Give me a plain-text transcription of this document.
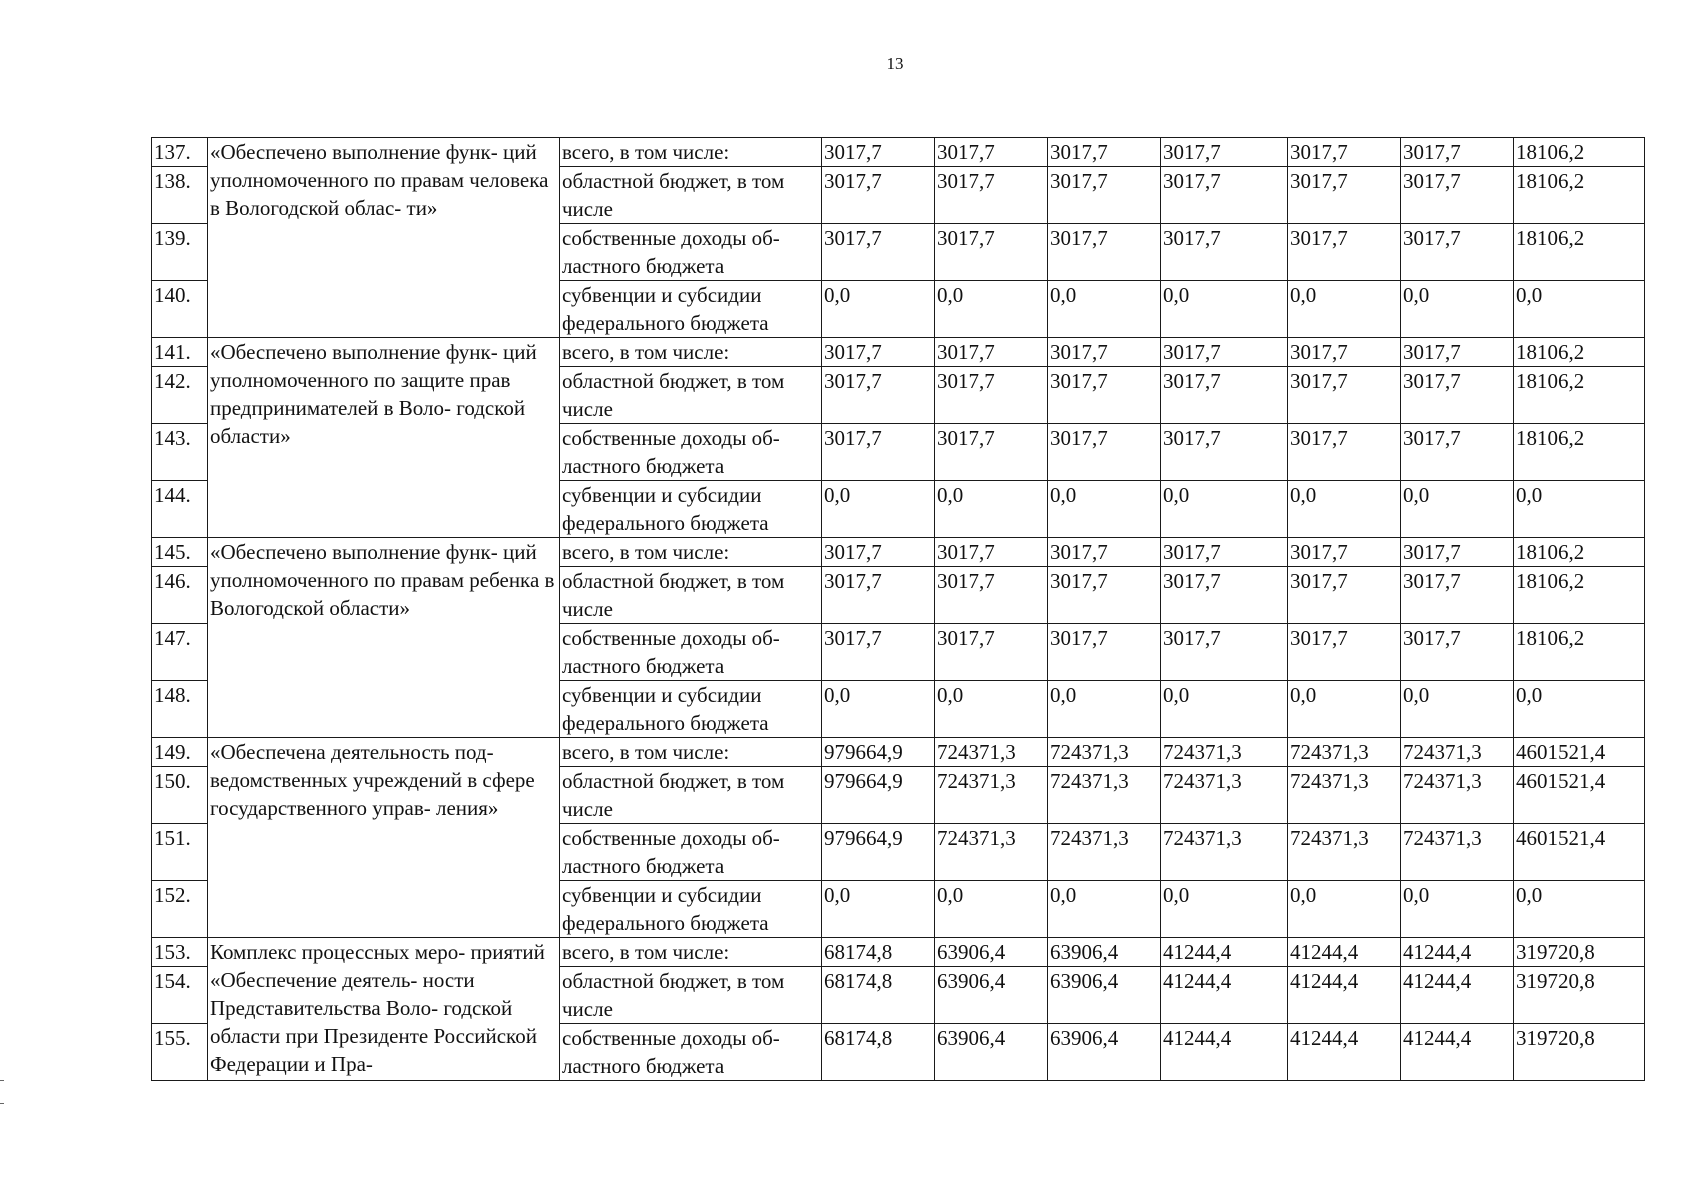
13
137.	«Обеспечено выполнение функ- ций уполномоченного по правам человека в Вологодской облас- ти»	всего, в том числе:	3017,7	3017,7	3017,7	3017,7	3017,7	3017,7	18106,2
138.		областной бюджет, в том числе	3017,7	3017,7	3017,7	3017,7	3017,7	3017,7	18106,2
139.		собственные доходы об- ластного бюджета	3017,7	3017,7	3017,7	3017,7	3017,7	3017,7	18106,2
140.		субвенции и субсидии федерального бюджета	0,0	0,0	0,0	0,0	0,0	0,0	0,0
141.	«Обеспечено выполнение функ- ций уполномоченного по защите прав предпринимателей в Воло- годской области»	всего, в том числе:	3017,7	3017,7	3017,7	3017,7	3017,7	3017,7	18106,2
142.		областной бюджет, в том числе	3017,7	3017,7	3017,7	3017,7	3017,7	3017,7	18106,2
143.		собственные доходы об- ластного бюджета	3017,7	3017,7	3017,7	3017,7	3017,7	3017,7	18106,2
144.		субвенции и субсидии федерального бюджета	0,0	0,0	0,0	0,0	0,0	0,0	0,0
145.	«Обеспечено выполнение функ- ций уполномоченного по правам ребенка в Вологодской области»	всего, в том числе:	3017,7	3017,7	3017,7	3017,7	3017,7	3017,7	18106,2
146.		областной бюджет, в том числе	3017,7	3017,7	3017,7	3017,7	3017,7	3017,7	18106,2
147.		собственные доходы об- ластного бюджета	3017,7	3017,7	3017,7	3017,7	3017,7	3017,7	18106,2
148.		субвенции и субсидии федерального бюджета	0,0	0,0	0,0	0,0	0,0	0,0	0,0
149.	«Обеспечена деятельность под- ведомственных учреждений в сфере государственного управ- ления»	всего, в том числе:	979664,9	724371,3	724371,3	724371,3	724371,3	724371,3	4601521,4
150.		областной бюджет, в том числе	979664,9	724371,3	724371,3	724371,3	724371,3	724371,3	4601521,4
151.		собственные доходы об- ластного бюджета	979664,9	724371,3	724371,3	724371,3	724371,3	724371,3	4601521,4
152.		субвенции и субсидии федерального бюджета	0,0	0,0	0,0	0,0	0,0	0,0	0,0
153.	Комплекс процессных меро- приятий «Обеспечение деятель- ности Представительства Воло- годской области при Президенте Российской Федерации и Пра-	всего, в том числе:	68174,8	63906,4	63906,4	41244,4	41244,4	41244,4	319720,8
154.		областной бюджет, в том числе	68174,8	63906,4	63906,4	41244,4	41244,4	41244,4	319720,8
155.		собственные доходы об- ластного бюджета	68174,8	63906,4	63906,4	41244,4	41244,4	41244,4	319720,8
